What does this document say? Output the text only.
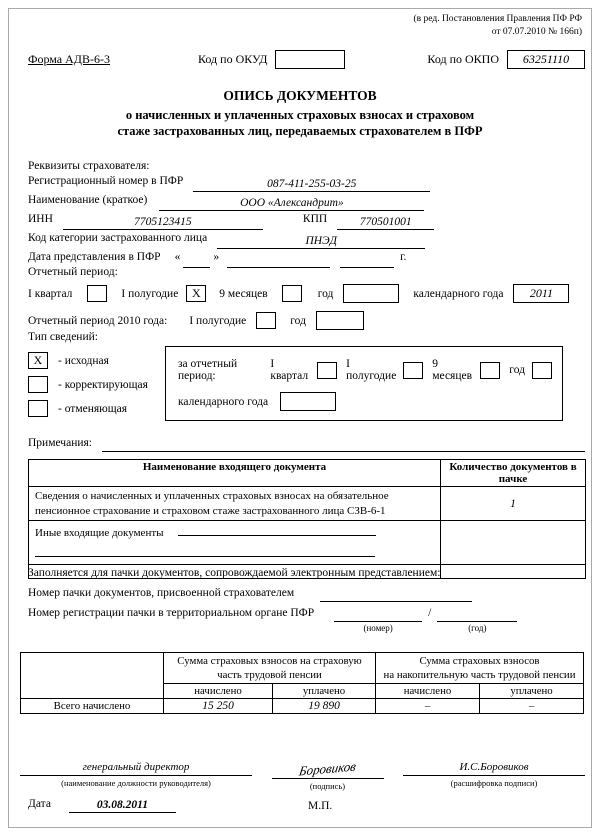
(в ред. Постановления Правления ПФ РФ
от 07.07.2010 № 166п)
Форма АДВ-6-3	Код по ОКУД	Код по ОКПО	63251110
ОПИСЬ ДОКУМЕНТОВ
о начисленных и уплаченных страховых взносах и страховом
стаже застрахованных лиц, передаваемых страхователем в ПФР
Реквизиты страхователя:
Регистрационный номер в ПФР	087-411-255-03-25
Наименование (краткое)	ООО «Александрит»
ИНН	7705123415	КПП	770501001
Код категории застрахованного лица	ПНЭД
Дата представления в ПФР «	»	г.
Отчетный период:
I квартал	I полугодие	X	9 месяцев	год	календарного года	2011
Отчетный период 2010 года: I полугодие	год
Тип сведений:
X	- исходная
- корректирующая
- отменяющая
за отчетный период:
I квартал
I полугодие
9 месяцев	год
календарного года
Примечания:
Наименование входящего документа	Количество документов в пачке
Сведения о начисленных и уплаченных страховых взносах на обязательное пенсионное страхование и страховом стаже застрахованного лица СЗВ-6-1	1

Иные входящие документы	

Заполняется для пачки документов, сопровождаемой электронным представлением:
Номер пачки документов, присвоенной страхователем
Номер регистрации пачки в территориальном органе ПФР
(номер)
/
(год)
	Сумма страховых взносов на страховую
часть трудовой пенсии		Сумма страховых взносов
на накопительную часть трудовой пенсии	
	начислено	уплачено	начислено	уплачено
Всего начислено	15 250	19 890	–	–
генеральный директор
(наименование должности руководителя)
Боровиков
(подпись)
И.С.Боровиков
(расшифровка подписи)
Дата	03.08.2011	М.П.
